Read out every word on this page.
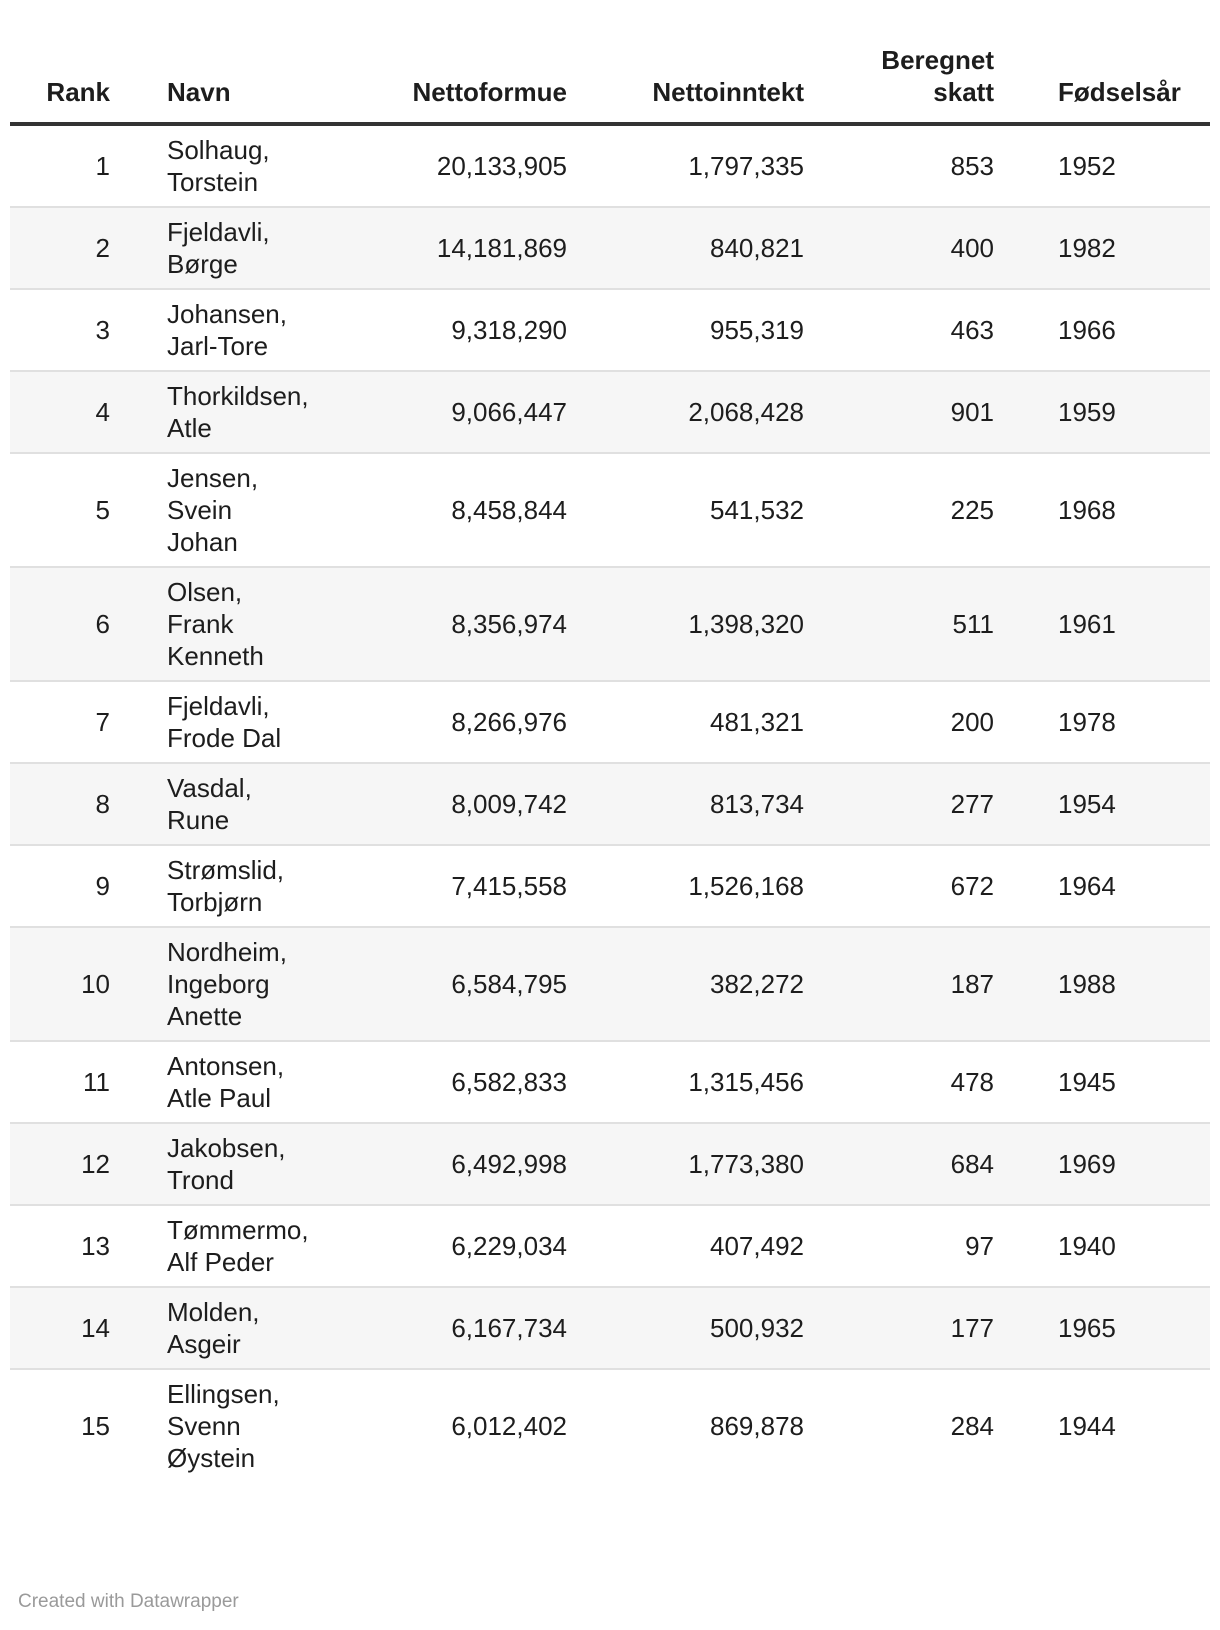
Rank	Navn	Nettoformue	Nettoinntekt	Beregnet skatt	Fødselsår
1	Solhaug, Torstein	20,133,905	1,797,335	853	1952
2	Fjeldavli, Børge	14,181,869	840,821	400	1982
3	Johansen, Jarl-Tore	9,318,290	955,319	463	1966
4	Thorkildsen, Atle	9,066,447	2,068,428	901	1959
5	Jensen, Svein Johan	8,458,844	541,532	225	1968
6	Olsen, Frank Kenneth	8,356,974	1,398,320	511	1961
7	Fjeldavli, Frode Dal	8,266,976	481,321	200	1978
8	Vasdal, Rune	8,009,742	813,734	277	1954
9	Strømslid, Torbjørn	7,415,558	1,526,168	672	1964
10	Nordheim, Ingeborg Anette	6,584,795	382,272	187	1988
11	Antonsen, Atle Paul	6,582,833	1,315,456	478	1945
12	Jakobsen, Trond	6,492,998	1,773,380	684	1969
13	Tømmermo, Alf Peder	6,229,034	407,492	97	1940
14	Molden, Asgeir	6,167,734	500,932	177	1965
15	Ellingsen, Svenn Øystein	6,012,402	869,878	284	1944
Created with Datawrapper
